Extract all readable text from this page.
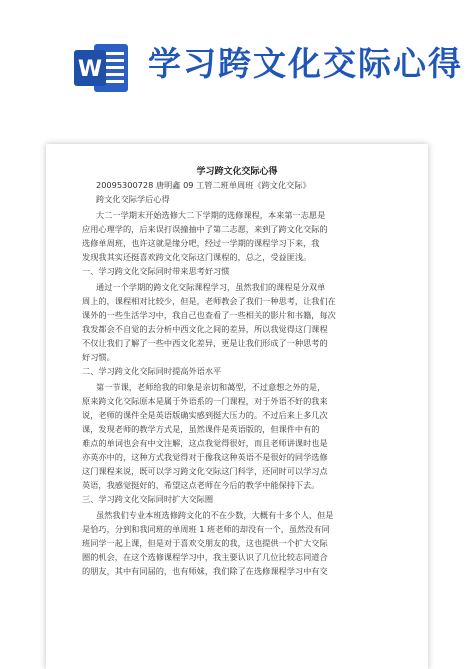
W 学习跨文化交际心得
学习跨文化交际心得
20095300728 唐明鑫 09 工管二班单周班《跨文化交际》
跨文化交际学后心得
大二一学期末开始选修大二下学期的选修课程，本来第一志愿是
应用心理学的，后来误打误撞抽中了第二志愿，来到了跨文化交际的
选修单周班，也许这就是缘分吧，经过一学期的课程学习下来，我
发现我其实还挺喜欢跨文化交际这门课程的，总之，受益匪浅。
一、学习跨文化交际同时带来思考好习惯
通过一个学期的跨文化交际课程学习，虽然我们的课程是分双单
周上的，课程相对比较少，但是，老师教会了我们一种思考，让我们在
课外的一些生活学习中，我自己也查看了一些相关的影片和书籍，每次
我发都会不自觉的去分析中西文化之间的差异，所以我觉得这门课程
不仅让我们了解了一些中西文化差异，更是让我们形成了一种思考的
好习惯。
二、学习跨文化交际同时提高外语水平
第一节课，老师给我的印象是亲切和蔼型，不过意想之外的是，
原来跨文化交际原本是属于外语系的一门课程，对于外语不好的我来
说，老师的课件全是英语版确实感到挺大压力的。不过后来上多几次
课，发现老师的教学方式是，虽然课件是英语版的，但课件中有的
难点的单词也会有中文注解，这点我觉得很好，而且老师讲课时也是
亦英亦中的，这种方式我觉得对于像我这种英语不是很好的同学选修
这门课程来说，既可以学习跨文化交际这门科学，还同时可以学习点
英语，我感觉挺好的，希望这点老师在今后的教学中能保持下去。
三、学习跨文化交际同时扩大交际圈
虽然我们专业本班选修跨文化的不在少数，大概有十多个人，但是
是恰巧，分到和我同班的单周班 1 班老师的却没有一个，虽然没有同
班同学一起上课，但是对于喜欢交朋友的我，这也提供一个扩大交际
圈的机会，在这个选修课程学习中，我主要认识了几位比较志同道合
的朋友，其中有同届的，也有师妹，我们除了在选修课程学习中有交
